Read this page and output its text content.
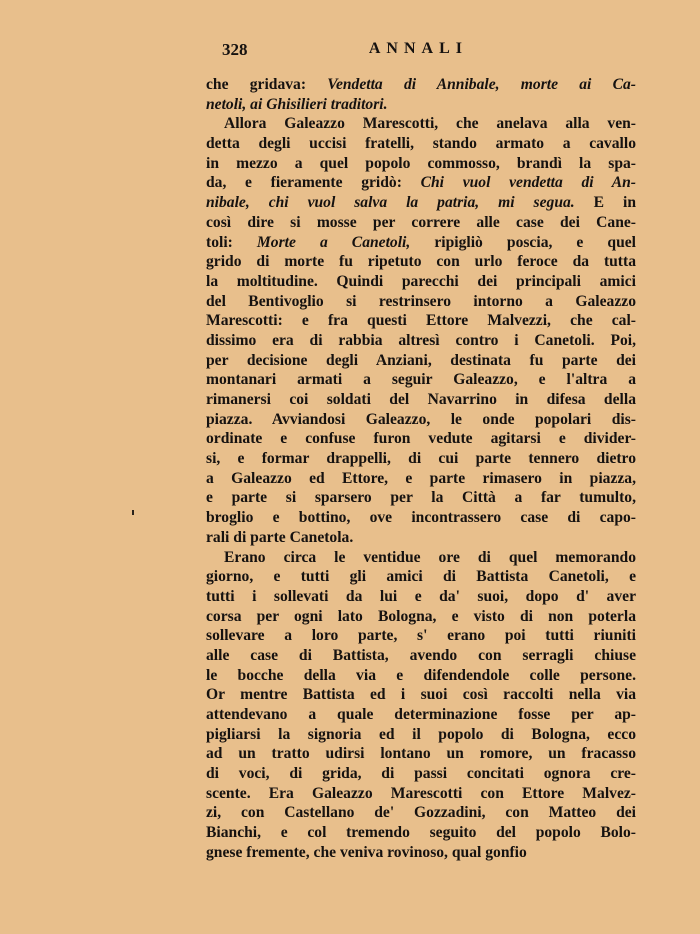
328	ANNALI
che gridava: Vendetta di Annibale, morte ai Ca-
netoli, ai Ghisilieri traditori.
Allora Galeazzo Marescotti, che anelava alla ven-
detta degli uccisi fratelli, stando armato a cavallo
in mezzo a quel popolo commosso, brandì la spa-
da, e fieramente gridò: Chi vuol vendetta di An-
nibale, chi vuol salva la patria, mi segua. E in
così dire si mosse per correre alle case dei Cane-
toli: Morte a Canetoli, ripigliò poscia, e quel
grido di morte fu ripetuto con urlo feroce da tutta
la moltitudine. Quindi parecchi dei principali amici
del Bentivoglio si restrinsero intorno a Galeazzo
Marescotti: e fra questi Ettore Malvezzi, che cal-
dissimo era di rabbia altresì contro i Canetoli. Poi,
per decisione degli Anziani, destinata fu parte dei
montanari armati a seguir Galeazzo, e l'altra a
rimanersi coi soldati del Navarrino in difesa della
piazza. Avviandosi Galeazzo, le onde popolari dis-
ordinate e confuse furon vedute agitarsi e divider-
si, e formar drappelli, di cui parte tennero dietro
a Galeazzo ed Ettore, e parte rimasero in piazza,
e parte si sparsero per la Città a far tumulto,
broglio e bottino, ove incontrassero case di capo-
rali di parte Canetola.
Erano circa le ventidue ore di quel memorando
giorno, e tutti gli amici di Battista Canetoli, e
tutti i sollevati da lui e da' suoi, dopo d' aver
corsa per ogni lato Bologna, e visto di non poterla
sollevare a loro parte, s' erano poi tutti riuniti
alle case di Battista, avendo con serragli chiuse
le bocche della via e difendendole colle persone.
Or mentre Battista ed i suoi così raccolti nella via
attendevano a quale determinazione fosse per ap-
pigliarsi la signoria ed il popolo di Bologna, ecco
ad un tratto udirsi lontano un romore, un fracasso
di voci, di grida, di passi concitati ognora cre-
scente. Era Galeazzo Marescotti con Ettore Malvez-
zi, con Castellano de' Gozzadini, con Matteo dei
Bianchi, e col tremendo seguito del popolo Bolo-
gnese fremente, che veniva rovinoso, qual gonfio
